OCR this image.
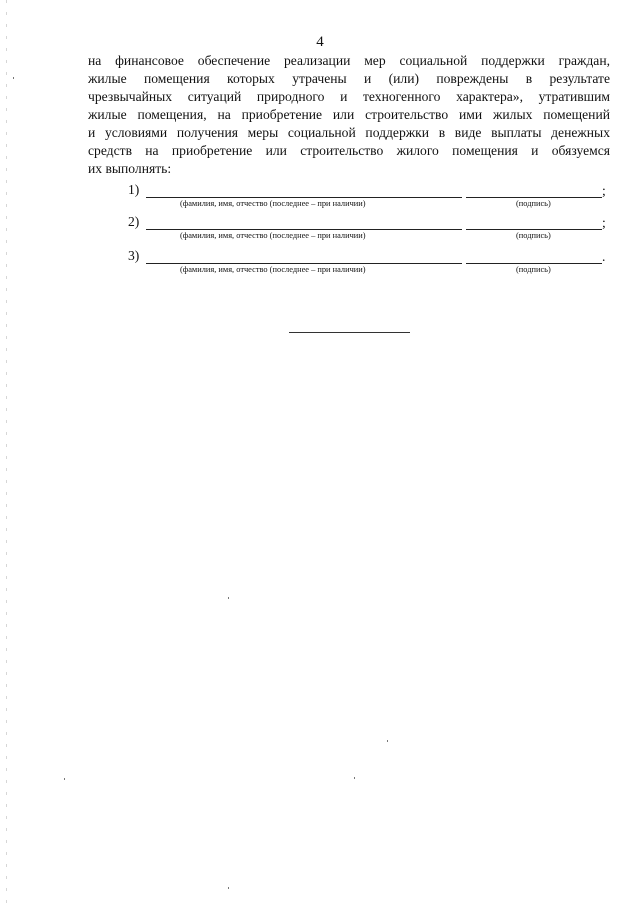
4
на финансовое обеспечение реализации мер социальной поддержки граждан,
жилые помещения которых утрачены и (или) повреждены в результате
чрезвычайных ситуаций природного и техногенного характера», утратившим
жилые помещения, на приобретение или строительство ими жилых помещений
и условиями получения меры социальной поддержки в виде выплаты денежных
средств на приобретение или строительство жилого помещения и обязуемся
их выполнять:
1)	;
(фамилия, имя, отчество (последнее – при наличии)	(подпись)
2)	;
(фамилия, имя, отчество (последнее – при наличии)	(подпись)
3)	.
(фамилия, имя, отчество (последнее – при наличии)	(подпись)
